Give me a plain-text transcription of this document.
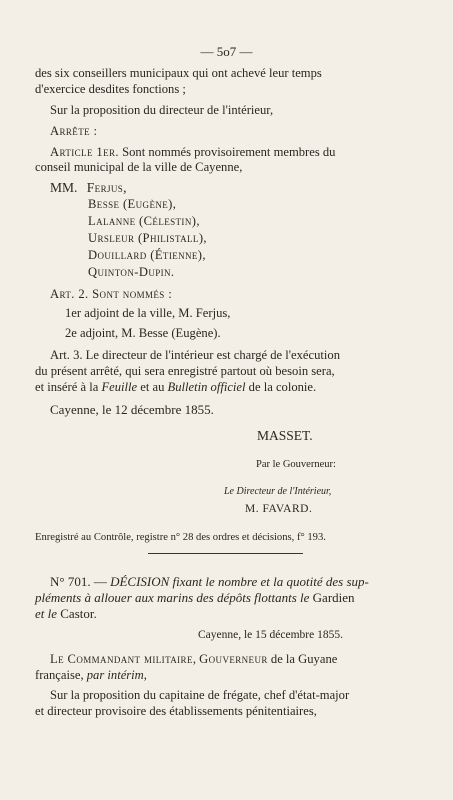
— 5o7 —
des six conseillers municipaux qui ont achevé leur temps
d'exercice desdites fonctions ;
Sur la proposition du directeur de l'intérieur,
Arrête :
Article 1er. Sont nommés provisoirement membres du
conseil municipal de la ville de Cayenne,
MM. Ferjus,
Besse (Eugène),
Lalanne (Célestin),
Ursleur (Philistall),
Douillard (Étienne),
Quinton-Dupin.
Art. 2. Sont nommés :
1er adjoint de la ville, M. Ferjus,
2e adjoint, M. Besse (Eugène).
Art. 3. Le directeur de l'intérieur est chargé de l'exécution
du présent arrêté, qui sera enregistré partout où besoin sera,
et inséré à la Feuille et au Bulletin officiel de la colonie.
Cayenne, le 12 décembre 1855.
MASSET.
Par le Gouverneur:
Le Directeur de l'Intérieur,
M. FAVARD.
Enregistré au Contrôle, registre n° 28 des ordres et décisions, f° 193.
N° 701. — DÉCISION fixant le nombre et la quotité des sup-
pléments à allouer aux marins des dépôts flottants le Gardien
et le Castor.
Cayenne, le 15 décembre 1855.
Le Commandant militaire, Gouverneur de la Guyane
française, par intérim,
Sur la proposition du capitaine de frégate, chef d'état-major
et directeur provisoire des établissements pénitentiaires,
